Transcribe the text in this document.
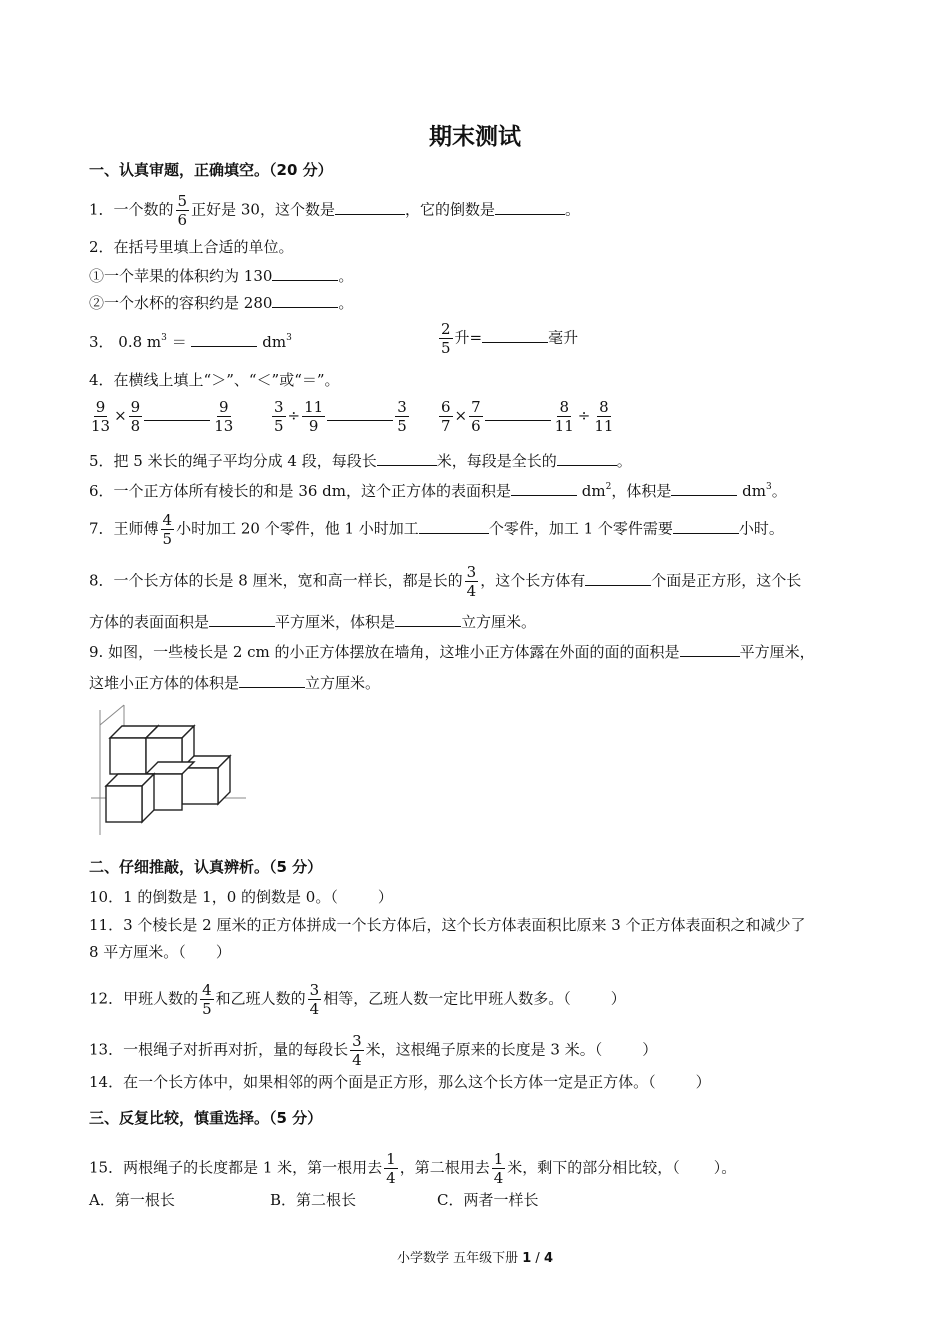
期末测试
一、认真审题，正确填空。（20 分）
1．一个数的 $\frac{5}{6}$ 正好是 30，这个数是	，它的倒数是	。
2．在括号里填上合适的单位。
①一个苹果的体积约为 130	。
②一个水杯的容积约是 280	。
3． 0.8 $m^3$ ＝	$dm^3$	$\frac{2}{5}$ 升=	毫升
4．在横线上填上“＞”、“＜”或“＝”。
$\frac{9}{13} \times \frac{9}{8}$	$\frac{9}{13} \frac{3}{5} \div \frac{11}{9}$	$\frac{3}{5} \frac{6}{7} \times \frac{7}{6}$	$\frac{8}{11} \div \frac{8}{11}$
5．把 5 米长的绳子平均分成 4 段，每段长	米，每段是全长的	。
6．一个正方体所有棱长的和是 36 dm，这个正方体的表面积是	$dm^2$，体积是	$dm^3$。
7．王师傅 $\frac{4}{5}$ 小时加工 20 个零件，他 1 小时加工	个零件，加工 1 个零件需要	小时。
8．一个长方体的长是 8 厘米，宽和高一样长，都是长的 $\frac{3}{4}$ ，这个长方体有	个面是正方形，这个长
方体的表面面积是	平方厘米，体积是	立方厘米。
9. 如图，一些棱长是 2 cm 的小正方体摆放在墙角，这堆小正方体露在外面的面的面积是	平方厘米，
这堆小正方体的体积是	立方厘米。
二、仔细推敲，认真辨析。（5 分）
10．1 的倒数是 1，0 的倒数是 0。（	）
11．3 个棱长是 2 厘米的正方体拼成一个长方体后，这个长方体表面积比原来 3 个正方体表面积之和减少了
8 平方厘米。（ ）
12．甲班人数的 $\frac{4}{5}$ 和乙班人数的 $\frac{3}{4}$ 相等，乙班人数一定比甲班人数多。（	）
13．一根绳子对折再对折，量的每段长 $\frac{3}{4}$ 米，这根绳子原来的长度是 3 米。（	）
14．在一个长方体中，如果相邻的两个面是正方形，那么这个长方体一定是正方体。（	）
三、反复比较，慎重选择。（5 分）
15．两根绳子的长度都是 1 米，第一根用去 $\frac{1}{4}$ ，第二根用去 $\frac{1}{4}$ 米，剩下的部分相比较，（ ）。
A．第一根长	B．第二根长	C．两者一样长
小学数学 五年级下册 1 / 4
